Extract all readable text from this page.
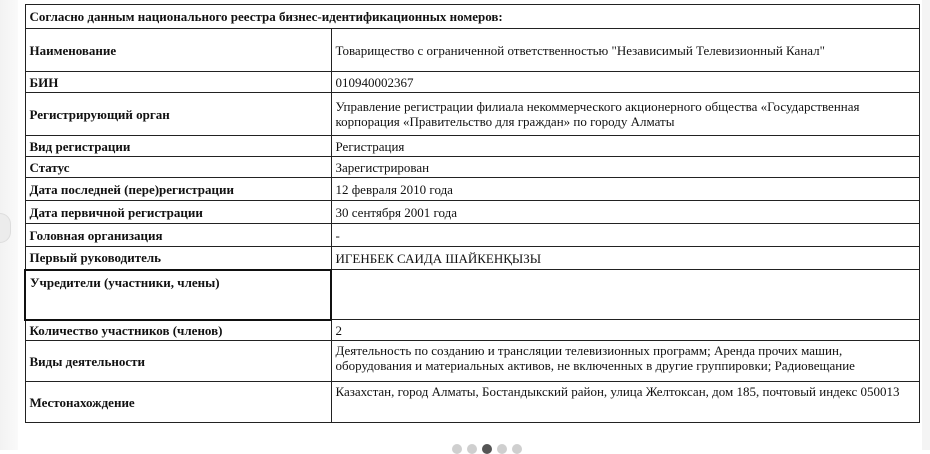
Согласно данным национального реестра бизнес-идентификационных номеров:	
Наименование	Товарищество с ограниченной ответственностью "Независимый Телевизионный Канал"
БИН	010940002367
Регистрирующий орган	Управление регистрации филиала некоммерческого акционерного общества «Государственная корпорация «Правительство для граждан» по городу Алматы
Вид регистрации	Регистрация
Статус	Зарегистрирован
Дата последней (пере)регистрации	12 февраля 2010 года
Дата первичной регистрации	30 сентября 2001 года
Головная организация	-
Первый руководитель	ИГЕНБЕК САИДА ШАЙКЕНҚЫЗЫ
Учредители (участники, члены)	
Количество участников (членов)	2
Виды деятельности	Деятельность по созданию и трансляции телевизионных программ; Аренда прочих машин, оборудования и материальных активов, не включенных в другие группировки; Радиовещание
Местонахождение	Казахстан, город Алматы, Бостандыкский район, улица Желтоксан, дом 185, почтовый индекс 050013
